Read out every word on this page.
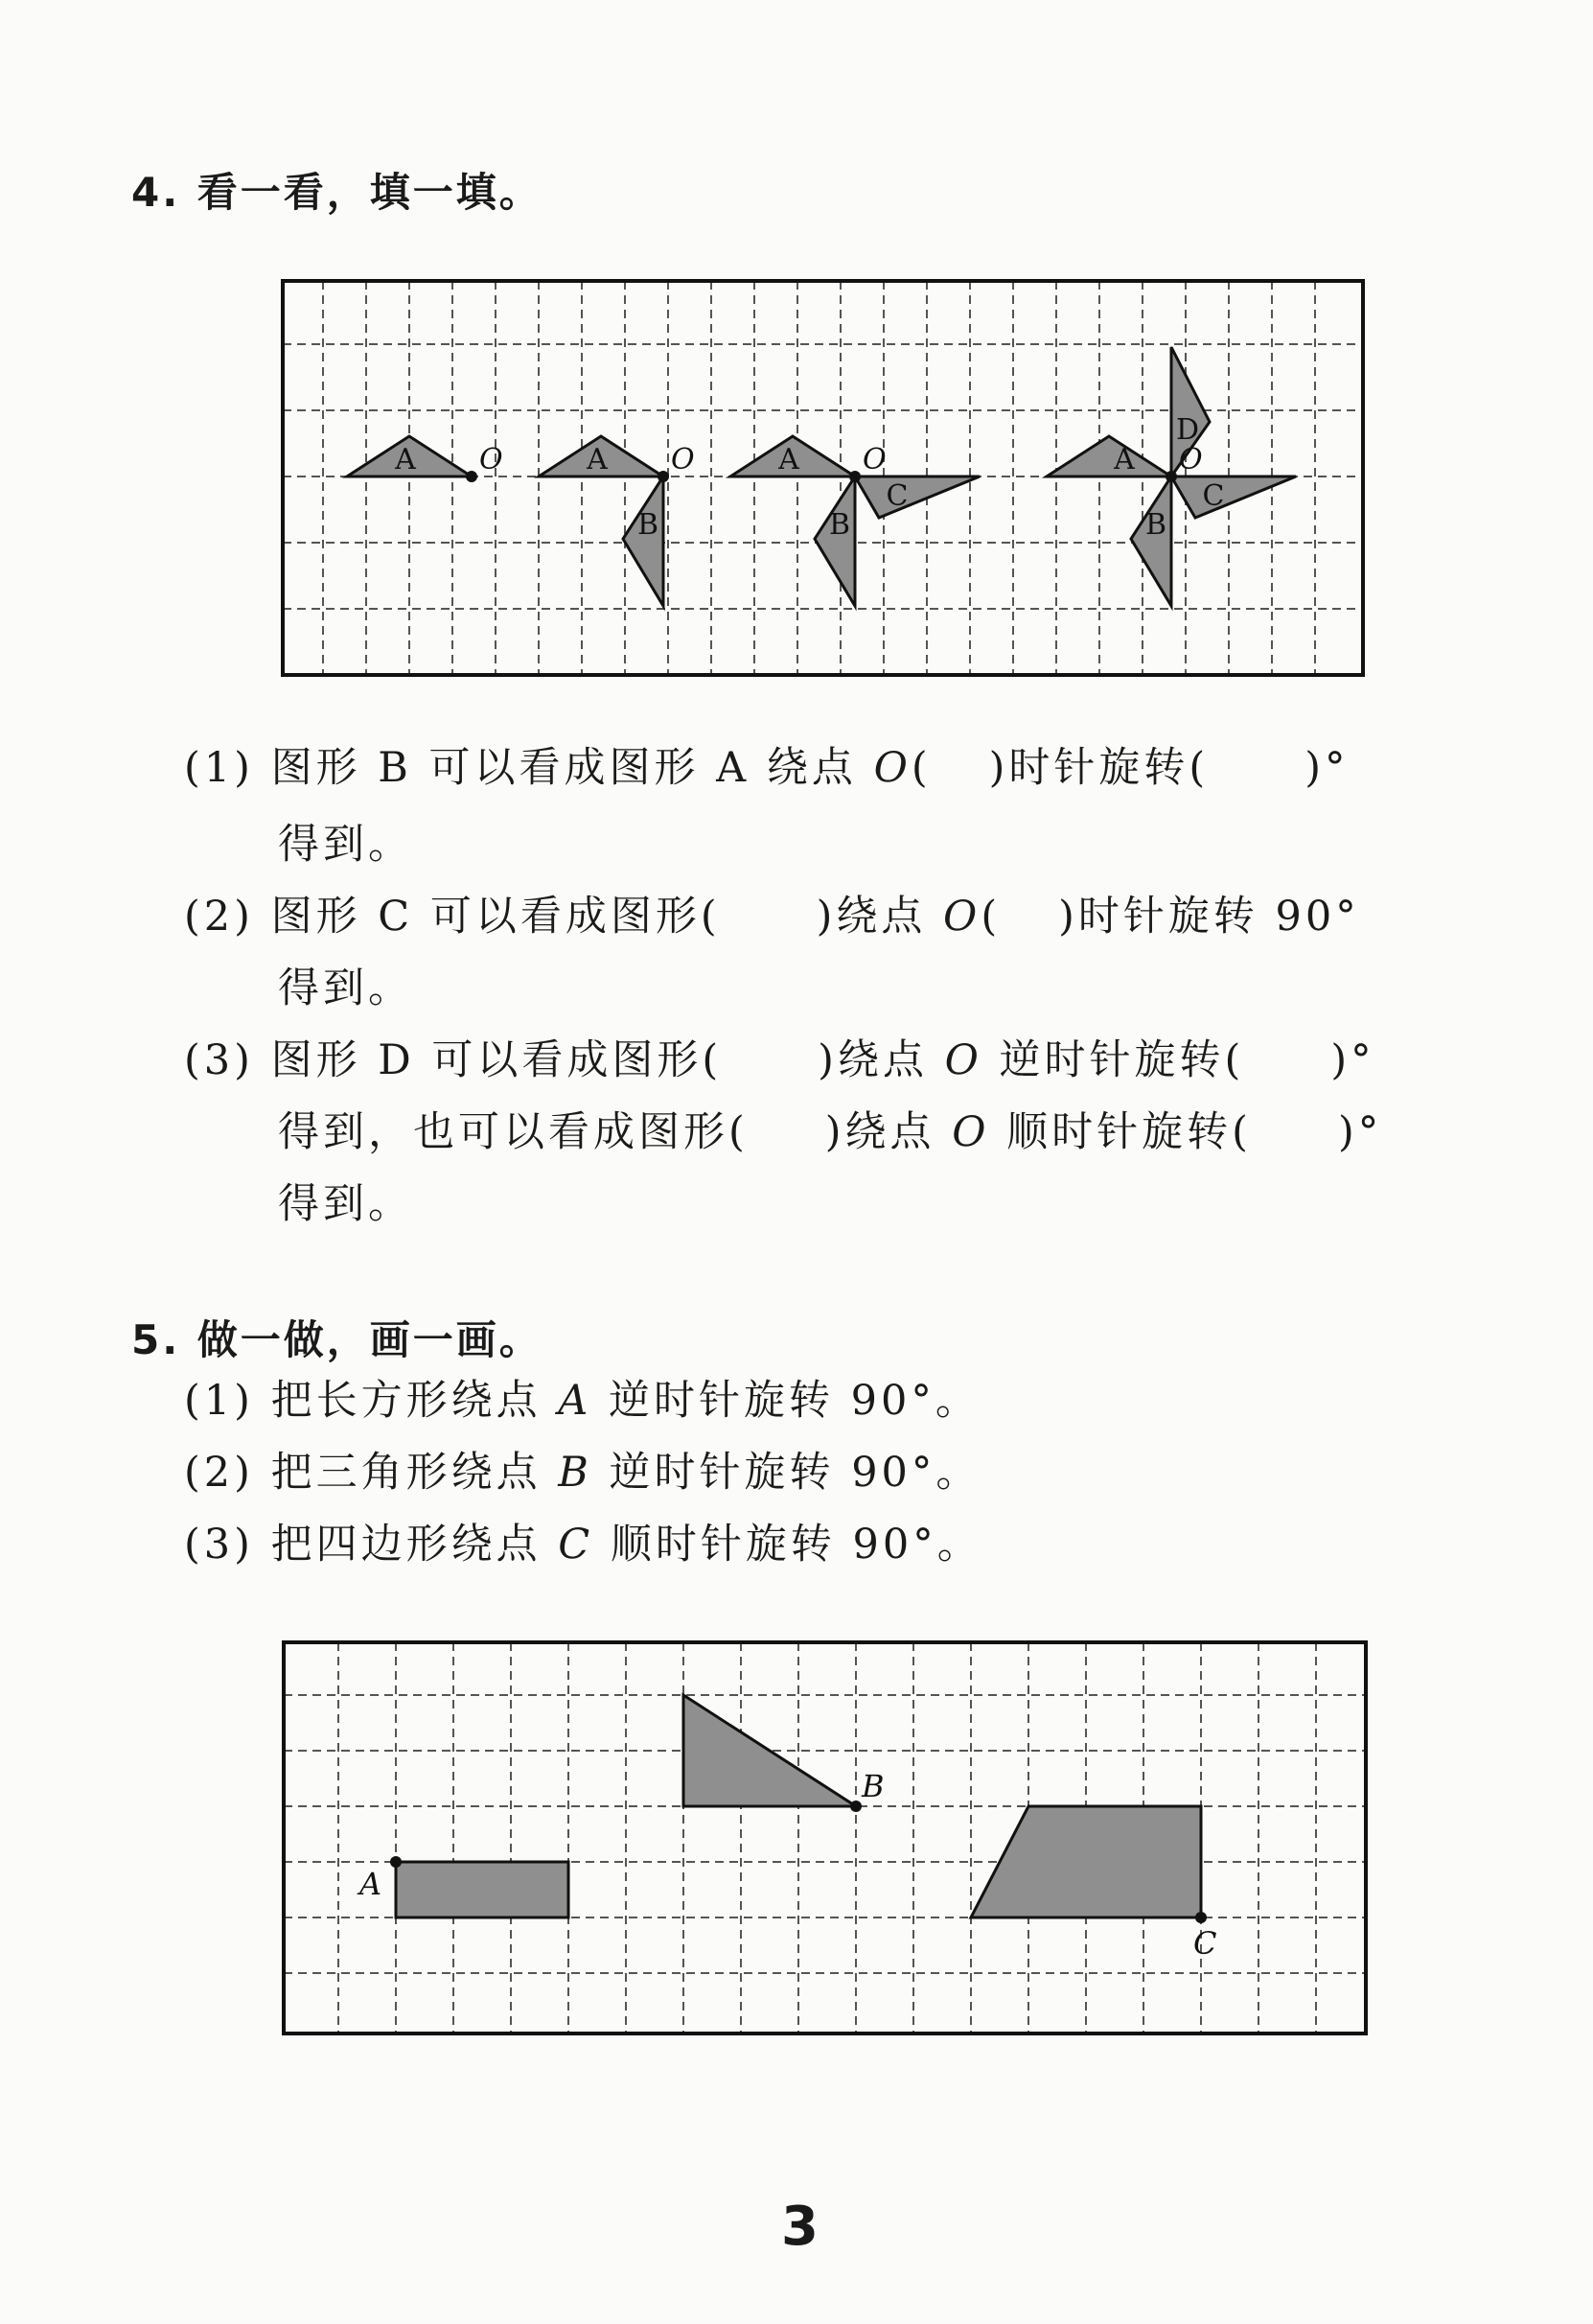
4. 看一看，填一填。
A O	A O
B
A O
B
C
A O
B
C
D
(1) 图形 B 可以看成图形 A 绕点 O( )时针旋转( )°
得到。
(2) 图形 C 可以看成图形( )绕点 O( )时针旋转 90°
得到。
(3) 图形 D 可以看成图形( )绕点 O 逆时针旋转( )°
得到，也可以看成图形( )绕点 O 顺时针旋转( )°
得到。
5. 做一做，画一画。
(1) 把长方形绕点 A 逆时针旋转 90°。
(2) 把三角形绕点 B 逆时针旋转 90°。
(3) 把四边形绕点 C 顺时针旋转 90°。
A
B
C
3
